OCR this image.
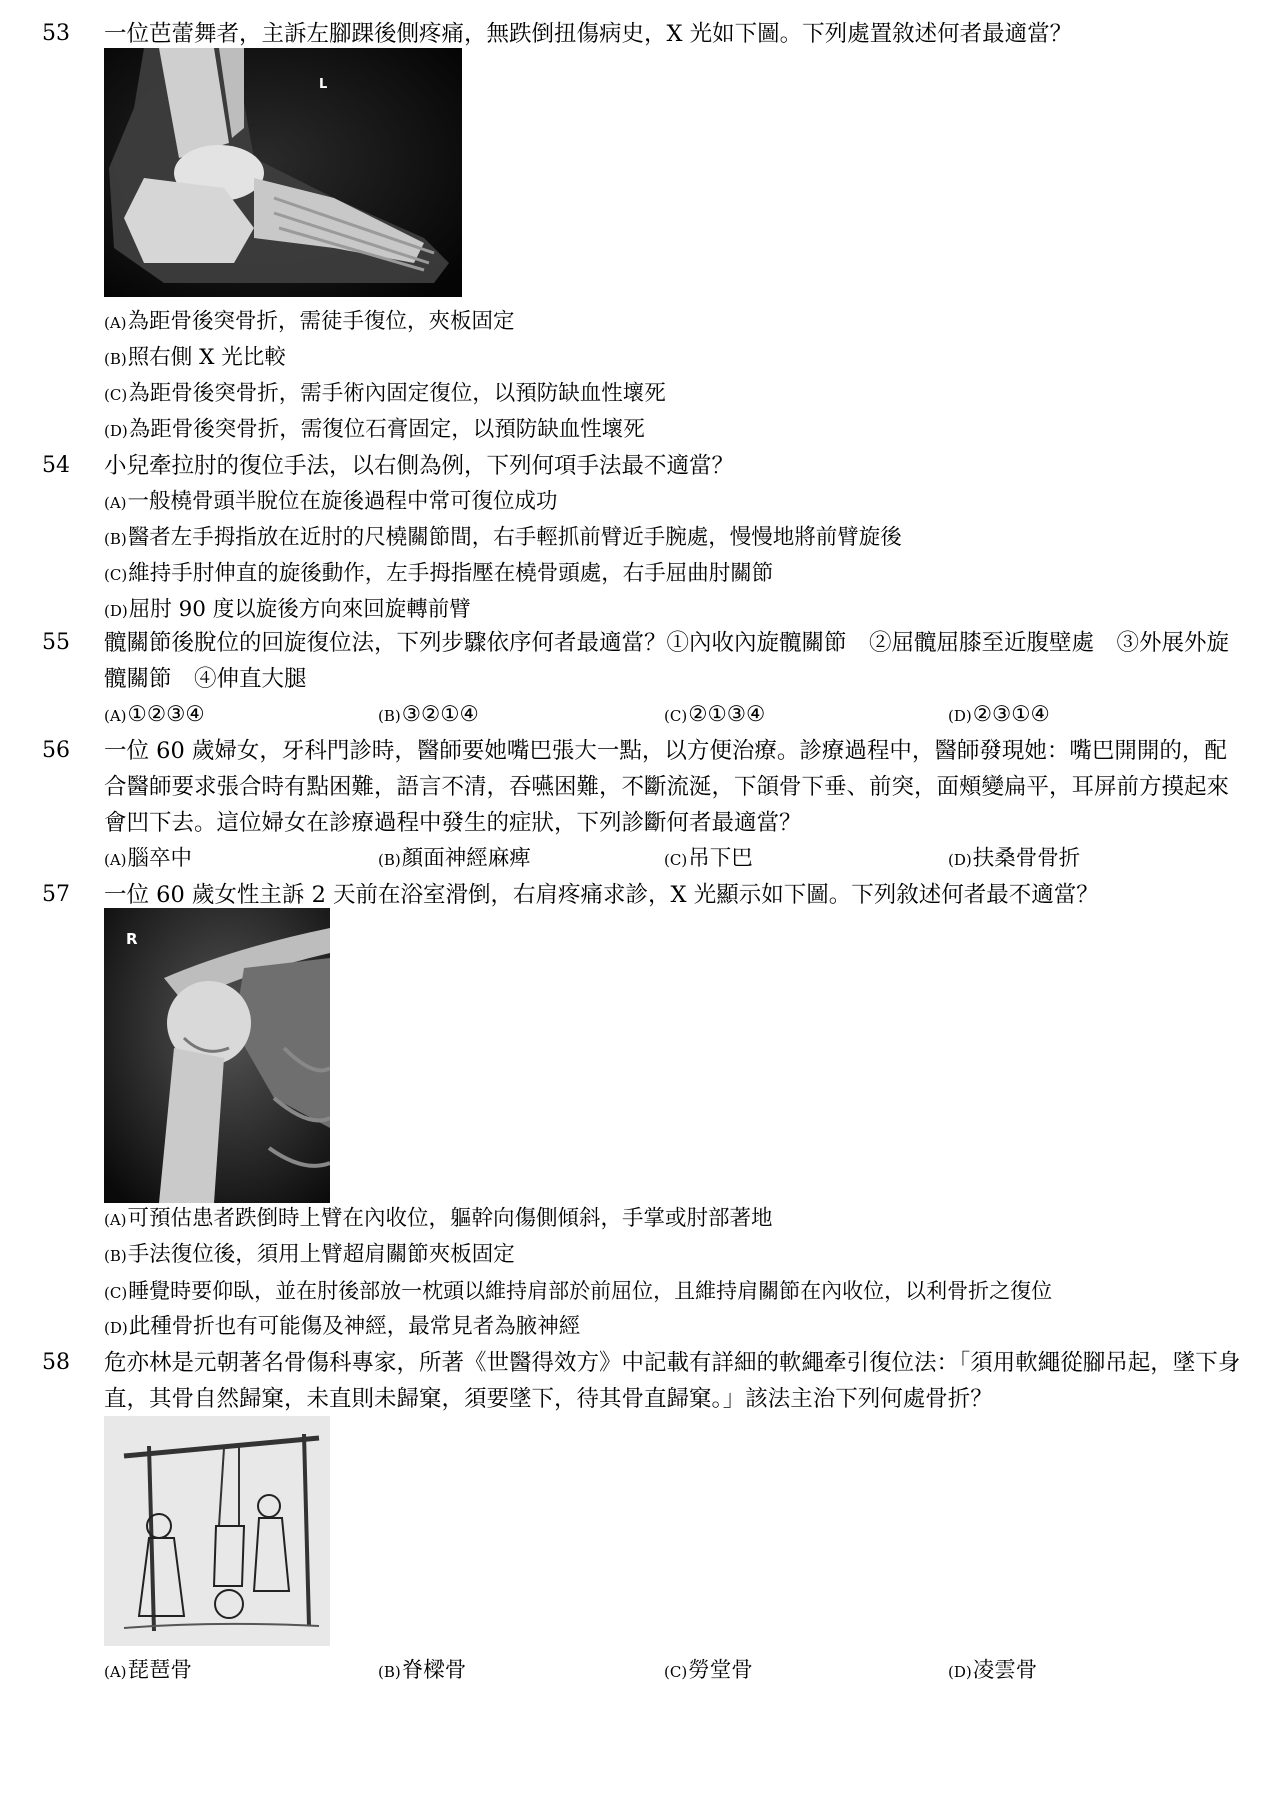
53	一位芭蕾舞者，主訴左腳踝後側疼痛，無跌倒扭傷病史，X 光如下圖。下列處置敘述何者最適當？
L
(A)為距骨後突骨折，需徒手復位，夾板固定
(B)照右側 X 光比較
(C)為距骨後突骨折，需手術內固定復位，以預防缺血性壞死
(D)為距骨後突骨折，需復位石膏固定，以預防缺血性壞死
54	小兒牽拉肘的復位手法，以右側為例，下列何項手法最不適當？
(A)一般橈骨頭半脫位在旋後過程中常可復位成功
(B)醫者左手拇指放在近肘的尺橈關節間，右手輕抓前臂近手腕處，慢慢地將前臂旋後
(C)維持手肘伸直的旋後動作，左手拇指壓在橈骨頭處，右手屈曲肘關節
(D)屈肘 90 度以旋後方向來回旋轉前臂
55	髖關節後脫位的回旋復位法，下列步驟依序何者最適當？①內收內旋髖關節　②屈髖屈膝至近腹壁處　③外展外旋髖關節　④伸直大腿
(A)①②③④	(B)③②①④	(C)②①③④	(D)②③①④
56	一位 60 歲婦女，牙科門診時，醫師要她嘴巴張大一點，以方便治療。診療過程中，醫師發現她：嘴巴開開的，配合醫師要求張合時有點困難，語言不清，吞嚥困難，不斷流涎，下頜骨下垂、前突，面頰變扁平，耳屏前方摸起來會凹下去。這位婦女在診療過程中發生的症狀，下列診斷何者最適當？
(A)腦卒中	(B)顏面神經麻痺	(C)吊下巴	(D)扶桑骨骨折
57	一位 60 歲女性主訴 2 天前在浴室滑倒，右肩疼痛求診，X 光顯示如下圖。下列敘述何者最不適當？
R
(A)可預估患者跌倒時上臂在內收位，軀幹向傷側傾斜，手掌或肘部著地
(B)手法復位後，須用上臂超肩關節夾板固定
(C)睡覺時要仰臥，並在肘後部放一枕頭以維持肩部於前屈位，且維持肩關節在內收位，以利骨折之復位
(D)此種骨折也有可能傷及神經，最常見者為腋神經
58	危亦林是元朝著名骨傷科專家，所著《世醫得效方》中記載有詳細的軟繩牽引復位法：「須用軟繩從腳吊起，墜下身直，其骨自然歸窠，未直則未歸窠，須要墜下，待其骨直歸窠。」該法主治下列何處骨折？
(A)琵琶骨	(B)脊樑骨	(C)勞堂骨	(D)凌雲骨
